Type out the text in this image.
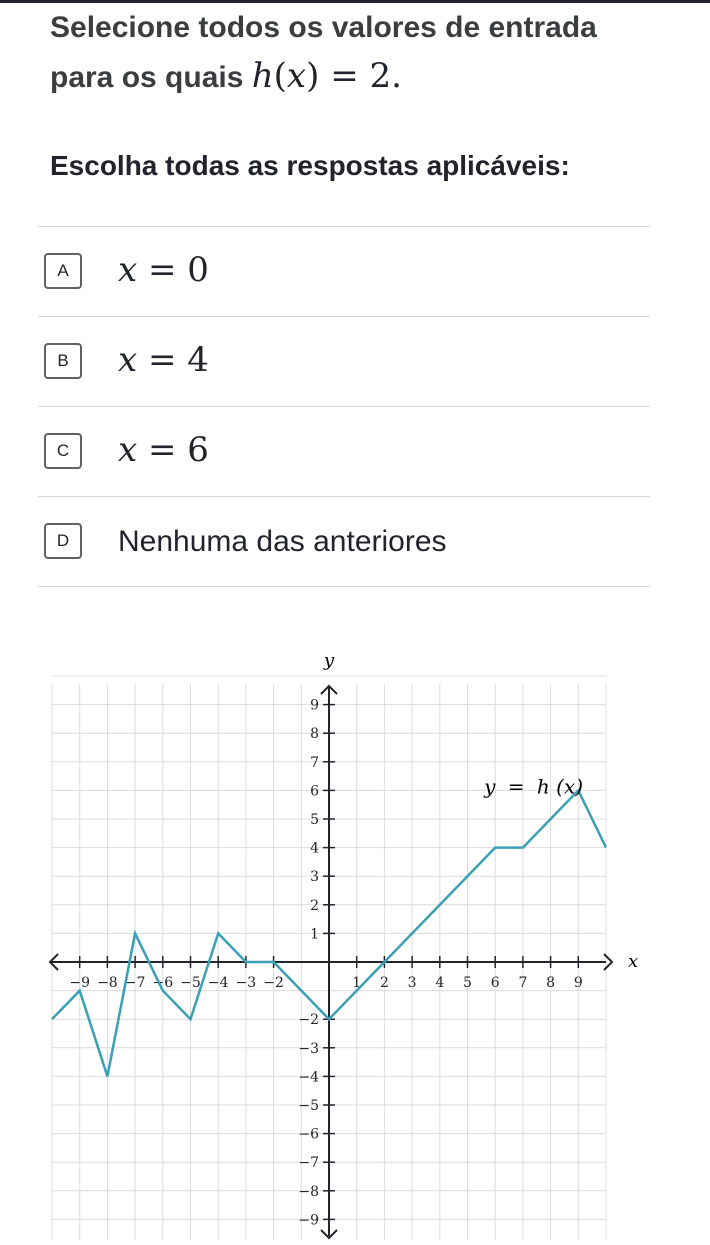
Selecione todos os valores de entrada
para os quais h(x) = 2.
Escolha todas as respostas aplicáveis:
A	x = 0
B	x = 4
C	x = 6
D	Nenhuma das anteriores
−9 −8 −7 −6 −5 −4 −3 −2	1 2 3 4 5 6 7 8 9
−9
−8
−7
−6
−5
−4
−3
−2
1
2
3
4
5
6
7
8
9
x
y
y = h (x)
